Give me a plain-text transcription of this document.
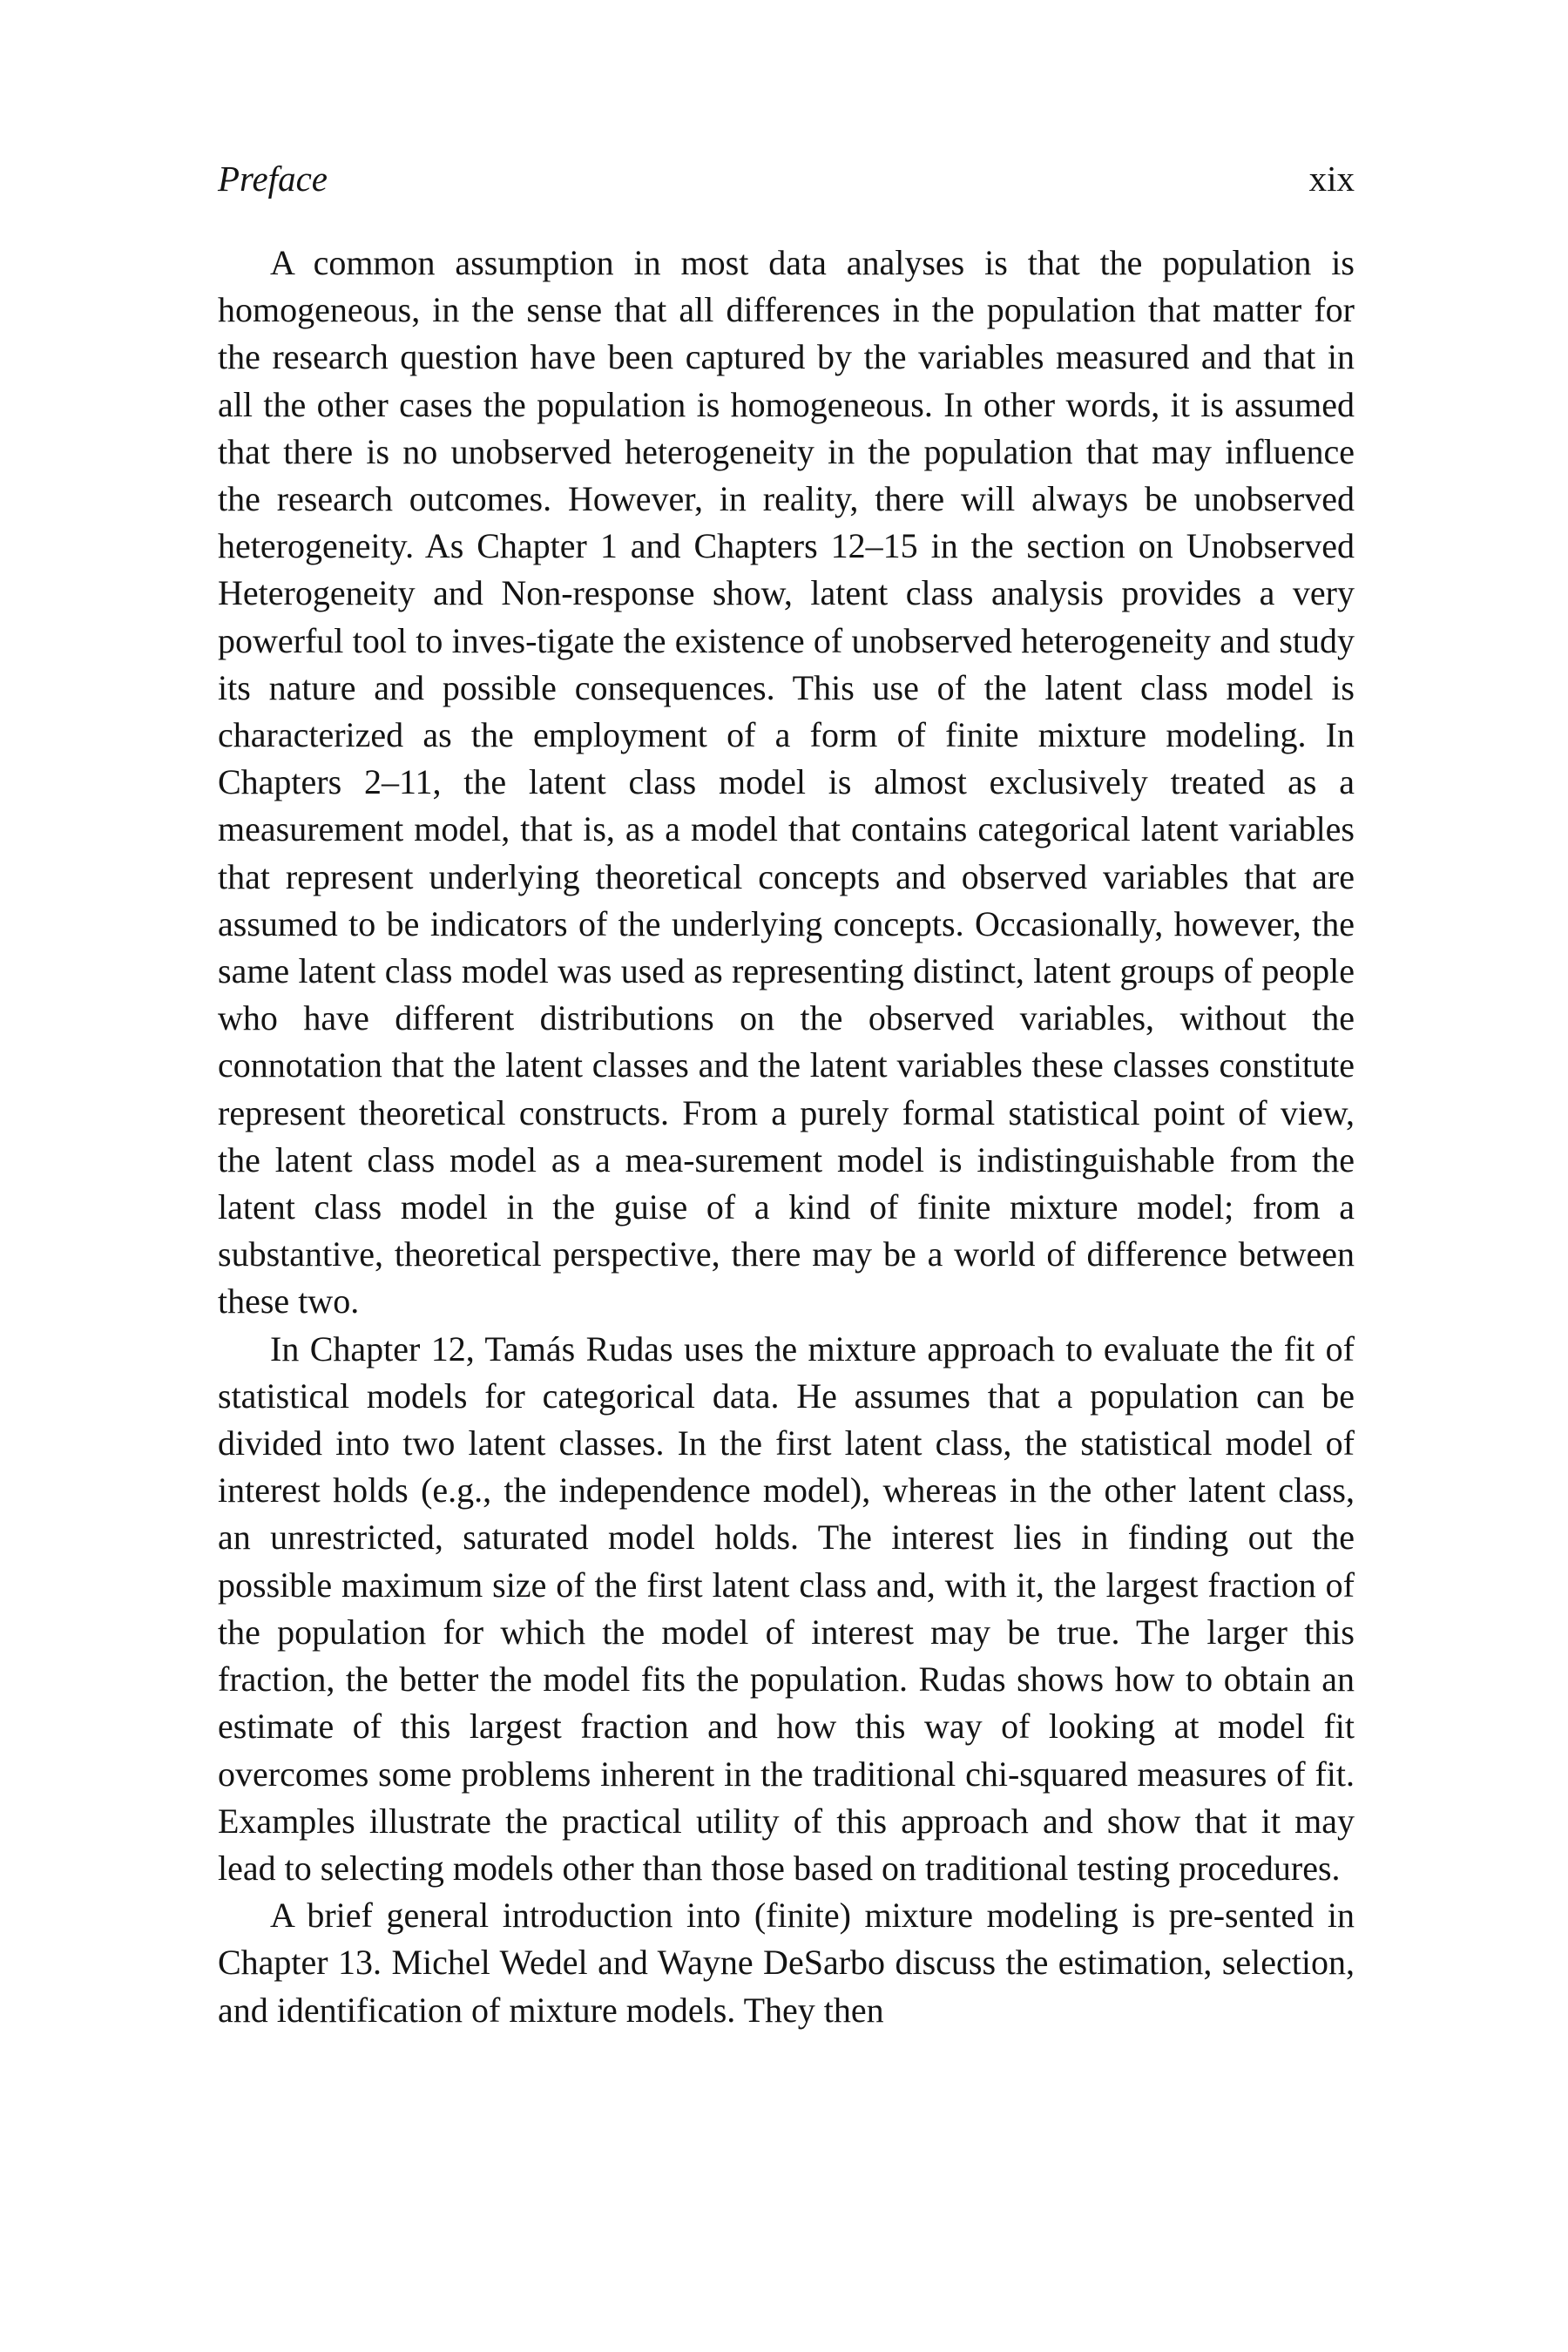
Preface	xix

A common assumption in most data analyses is that the population is homogeneous, in the sense that all differences in the population that matter for the research question have been captured by the variables measured and that in all the other cases the population is homogeneous. In other words, it is assumed that there is no unobserved heterogeneity in the population that may influence the research outcomes. However, in reality, there will always be unobserved heterogeneity. As Chapter 1 and Chapters 12–15 in the section on Unobserved Heterogeneity and Non-response show, latent class analysis provides a very powerful tool to inves-tigate the existence of unobserved heterogeneity and study its nature and possible consequences. This use of the latent class model is characterized as the employment of a form of finite mixture modeling. In Chapters 2–11, the latent class model is almost exclusively treated as a measurement model, that is, as a model that contains categorical latent variables that represent underlying theoretical concepts and observed variables that are assumed to be indicators of the underlying concepts. Occasionally, however, the same latent class model was used as representing distinct, latent groups of people who have different distributions on the observed variables, without the connotation that the latent classes and the latent variables these classes constitute represent theoretical constructs. From a purely formal statistical point of view, the latent class model as a mea-surement model is indistinguishable from the latent class model in the guise of a kind of finite mixture model; from a substantive, theoretical perspective, there may be a world of difference between these two.

In Chapter 12, Tamás Rudas uses the mixture approach to evaluate the fit of statistical models for categorical data. He assumes that a population can be divided into two latent classes. In the first latent class, the statistical model of interest holds (e.g., the independence model), whereas in the other latent class, an unrestricted, saturated model holds. The interest lies in finding out the possible maximum size of the first latent class and, with it, the largest fraction of the population for which the model of interest may be true. The larger this fraction, the better the model fits the population. Rudas shows how to obtain an estimate of this largest fraction and how this way of looking at model fit overcomes some problems inherent in the traditional chi-squared measures of fit. Examples illustrate the practical utility of this approach and show that it may lead to selecting models other than those based on traditional testing procedures.

A brief general introduction into (finite) mixture modeling is pre-sented in Chapter 13. Michel Wedel and Wayne DeSarbo discuss the estimation, selection, and identification of mixture models. They then
